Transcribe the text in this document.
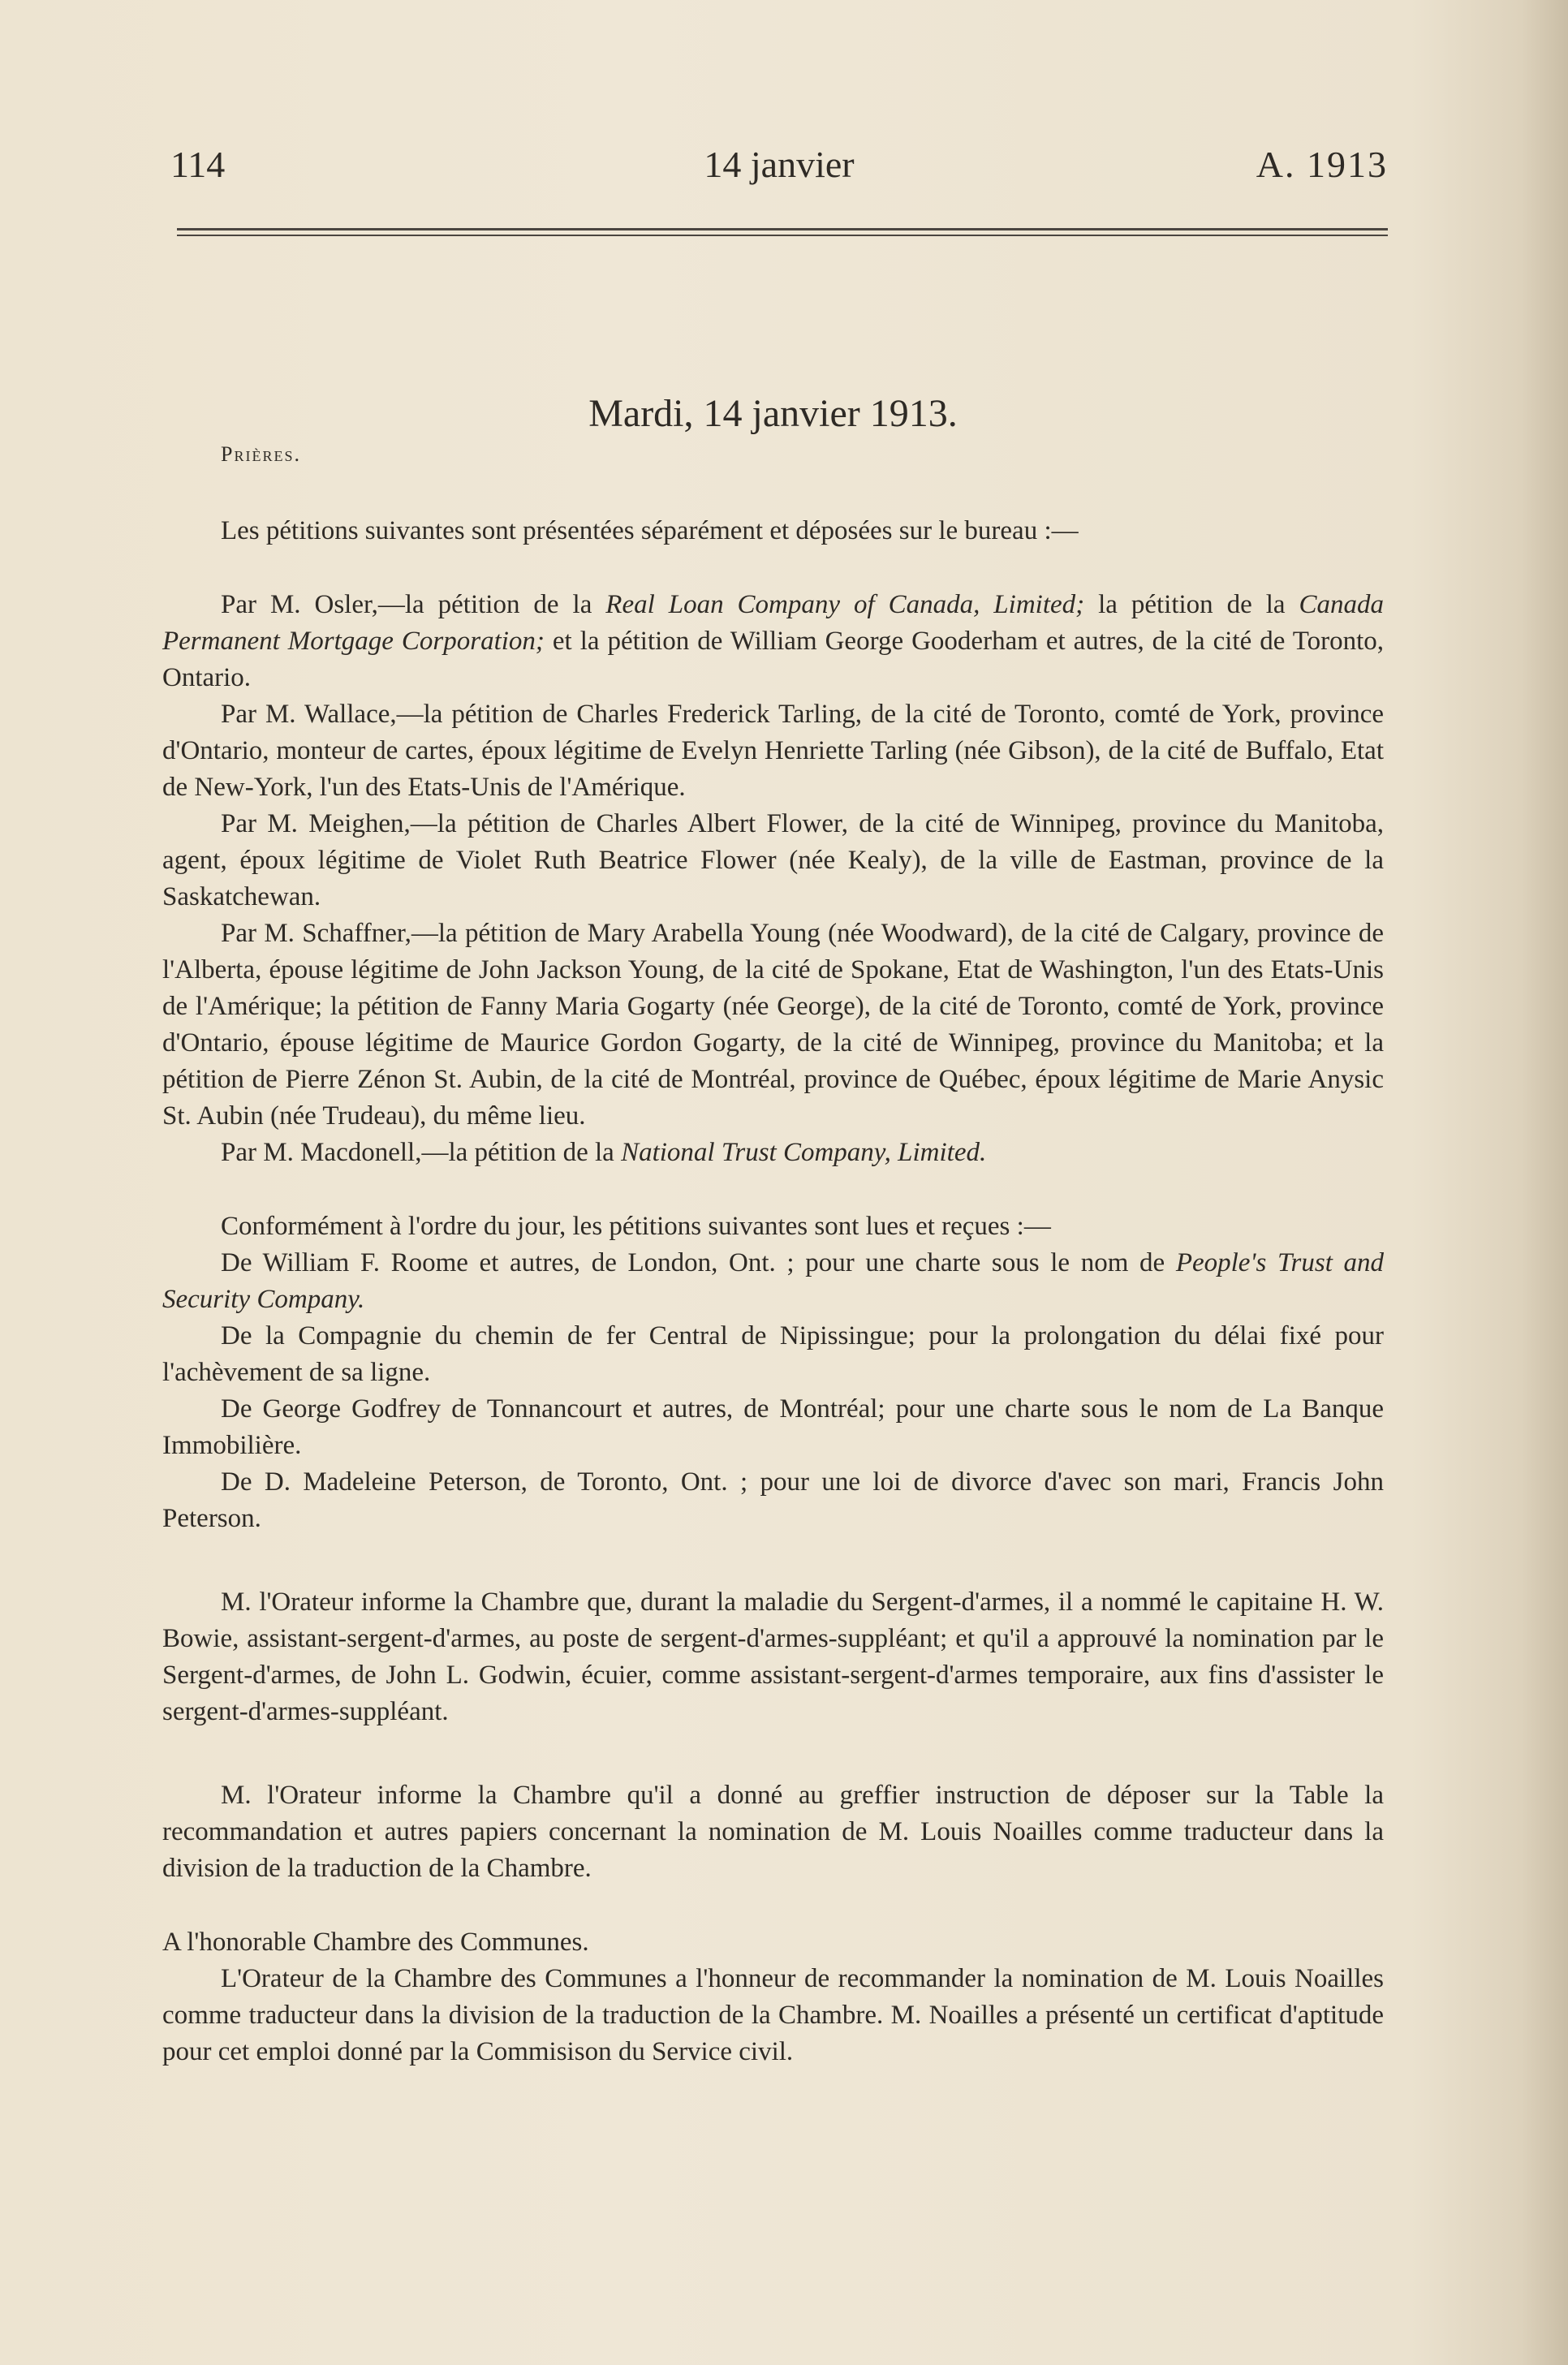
114	14 janvier	A. 1913
Mardi, 14 janvier 1913.
Prières.

Les pétitions suivantes sont présentées séparément et déposées sur le bureau :—

Par M. Osler,—la pétition de la Real Loan Company of Canada, Limited; la pétition de la Canada Permanent Mortgage Corporation; et la pétition de William George Gooderham et autres, de la cité de Toronto, Ontario.

Par M. Wallace,—la pétition de Charles Frederick Tarling, de la cité de Toronto, comté de York, province d'Ontario, monteur de cartes, époux légitime de Evelyn Henriette Tarling (née Gibson), de la cité de Buffalo, Etat de New-York, l'un des Etats-Unis de l'Amérique.

Par M. Meighen,—la pétition de Charles Albert Flower, de la cité de Winnipeg, province du Manitoba, agent, époux légitime de Violet Ruth Beatrice Flower (née Kealy), de la ville de Eastman, province de la Saskatchewan.

Par M. Schaffner,—la pétition de Mary Arabella Young (née Woodward), de la cité de Calgary, province de l'Alberta, épouse légitime de John Jackson Young, de la cité de Spokane, Etat de Washington, l'un des Etats-Unis de l'Amérique; la pétition de Fanny Maria Gogarty (née George), de la cité de Toronto, comté de York, province d'Ontario, épouse légitime de Maurice Gordon Gogarty, de la cité de Winnipeg, province du Manitoba; et la pétition de Pierre Zénon St. Aubin, de la cité de Montréal, province de Québec, époux légitime de Marie Anysic St. Aubin (née Trudeau), du même lieu.

Par M. Macdonell,—la pétition de la National Trust Company, Limited.

Conformément à l'ordre du jour, les pétitions suivantes sont lues et reçues :—

De William F. Roome et autres, de London, Ont. ; pour une charte sous le nom de People's Trust and Security Company.

De la Compagnie du chemin de fer Central de Nipissingue; pour la prolongation du délai fixé pour l'achèvement de sa ligne.

De George Godfrey de Tonnancourt et autres, de Montréal; pour une charte sous le nom de La Banque Immobilière.

De D. Madeleine Peterson, de Toronto, Ont. ; pour une loi de divorce d'avec son mari, Francis John Peterson.

M. l'Orateur informe la Chambre que, durant la maladie du Sergent-d'armes, il a nommé le capitaine H. W. Bowie, assistant-sergent-d'armes, au poste de sergent-d'armes-suppléant; et qu'il a approuvé la nomination par le Sergent-d'armes, de John L. Godwin, écuier, comme assistant-sergent-d'armes temporaire, aux fins d'assister le sergent-d'armes-suppléant.

M. l'Orateur informe la Chambre qu'il a donné au greffier instruction de déposer sur la Table la recommandation et autres papiers concernant la nomination de M. Louis Noailles comme traducteur dans la division de la traduction de la Chambre.

A l'honorable Chambre des Communes.

L'Orateur de la Chambre des Communes a l'honneur de recommander la nomination de M. Louis Noailles comme traducteur dans la division de la traduction de la Chambre. M. Noailles a présenté un certificat d'aptitude pour cet emploi donné par la Commisison du Service civil.
